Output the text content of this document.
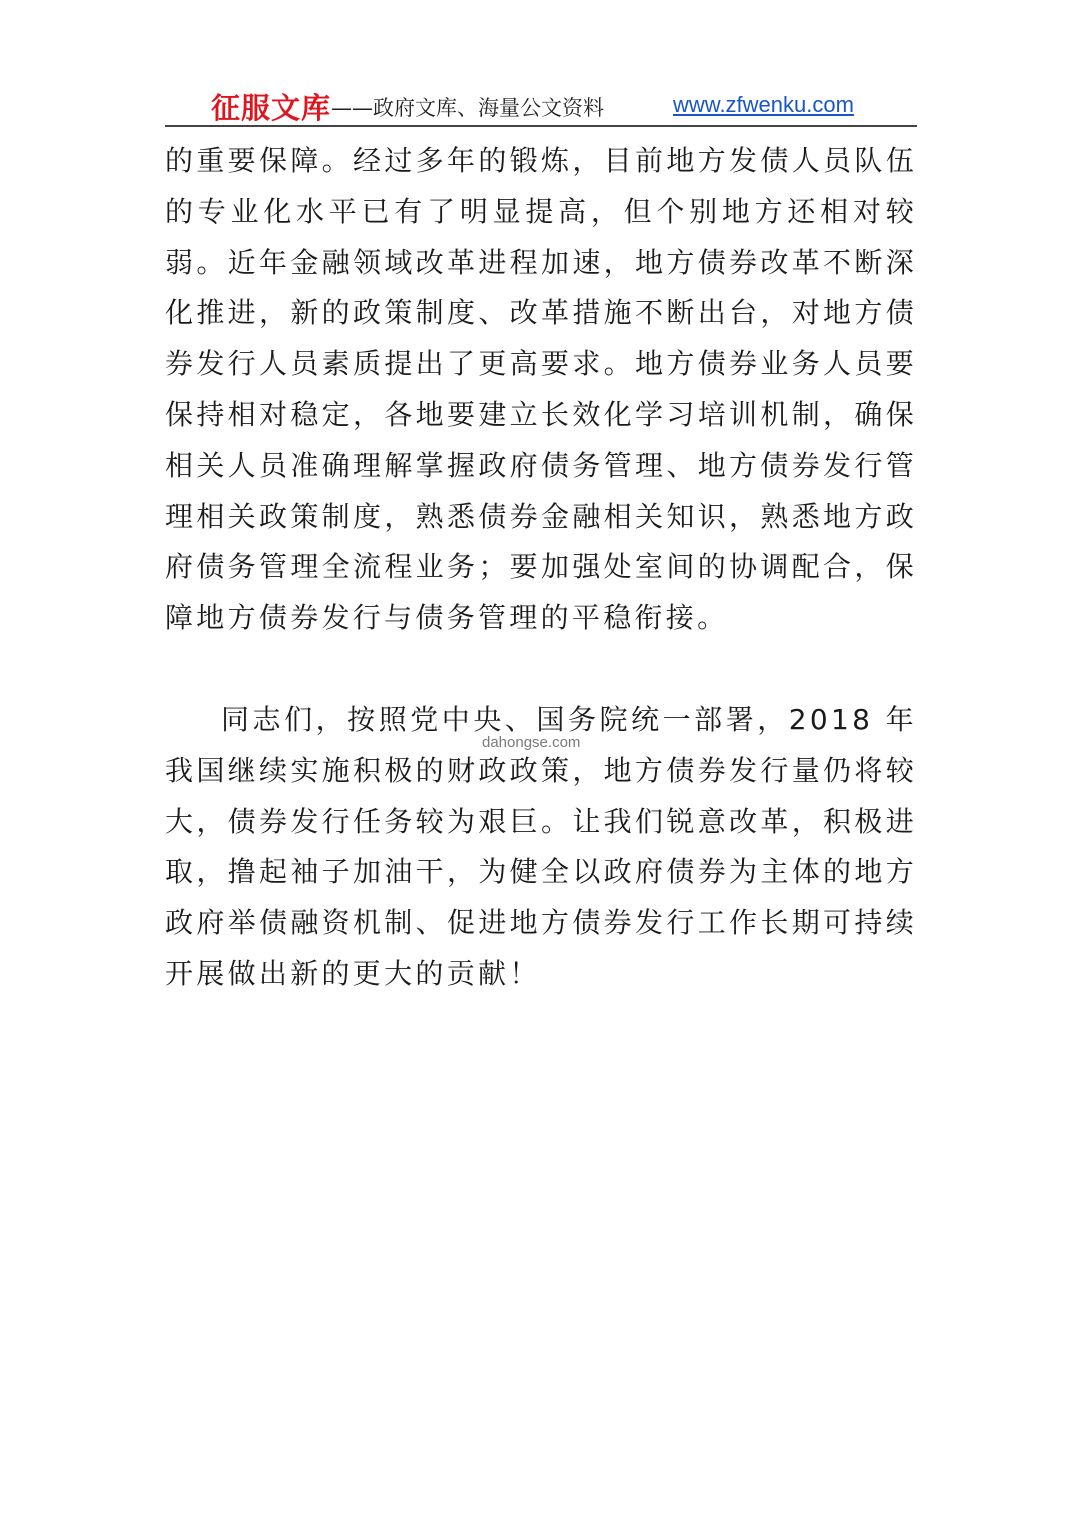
征服文库 ——政府文库、海量公文资料	www.zfwenku.com

的重要保障。经过多年的锻炼，目前地方发债人员队伍的专业化水平已有了明显提高，但个别地方还相对较弱。近年金融领域改革进程加速，地方债券改革不断深化推进，新的政策制度、改革措施不断出台，对地方债券发行人员素质提出了更高要求。地方债券业务人员要保持相对稳定，各地要建立长效化学习培训机制，确保相关人员准确理解掌握政府债务管理、地方债券发行管理相关政策制度，熟悉债券金融相关知识，熟悉地方政府债务管理全流程业务；要加强处室间的协调配合，保障地方债券发行与债务管理的平稳衔接。

同志们，按照党中央、国务院统一部署，2018 年我国继续实施积极的财政政策，地方债券发行量仍将较大，债券发行任务较为艰巨。让我们锐意改革，积极进取，撸起袖子加油干，为健全以政府债券为主体的地方政府举债融资机制、促进地方债券发行工作长期可持续开展做出新的更大的贡献！

dahongse.com
